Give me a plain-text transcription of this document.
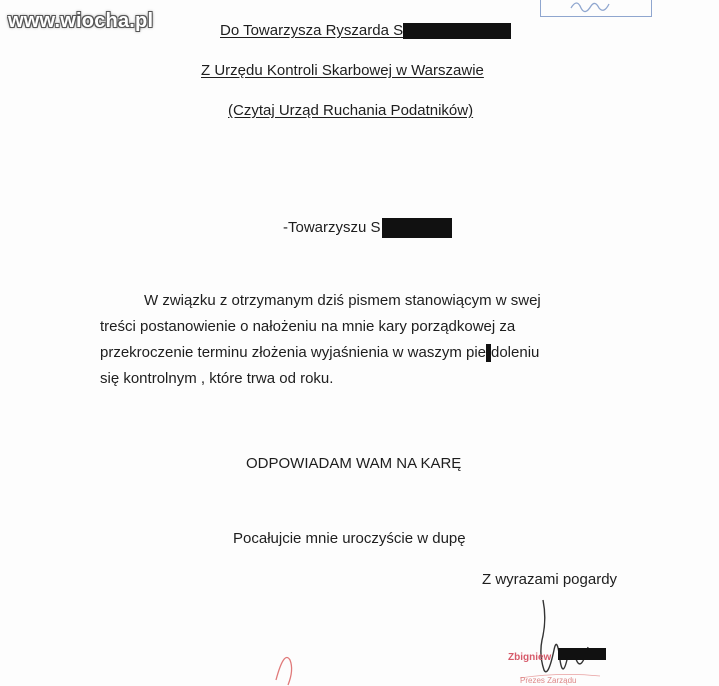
www.wiocha.pl	Do Towarzysza Ryszarda S
Z Urzędu Kontroli Skarbowej w Warszawie
(Czytaj Urząd Ruchania Podatników)
-Towarzyszu S
W związku z otrzymanym dziś pismem stanowiącym w swej
treści postanowienie o nałożeniu na mnie kary porządkowej za
przekroczenie terminu złożenia wyjaśnienia w waszym pie doleniu
się kontrolnym , które trwa od roku.
ODPOWIADAM WAM NA KARĘ
Pocałujcie mnie uroczyście w dupę
Z wyrazami pogardy
Zbigniew
Prezes Zarządu
